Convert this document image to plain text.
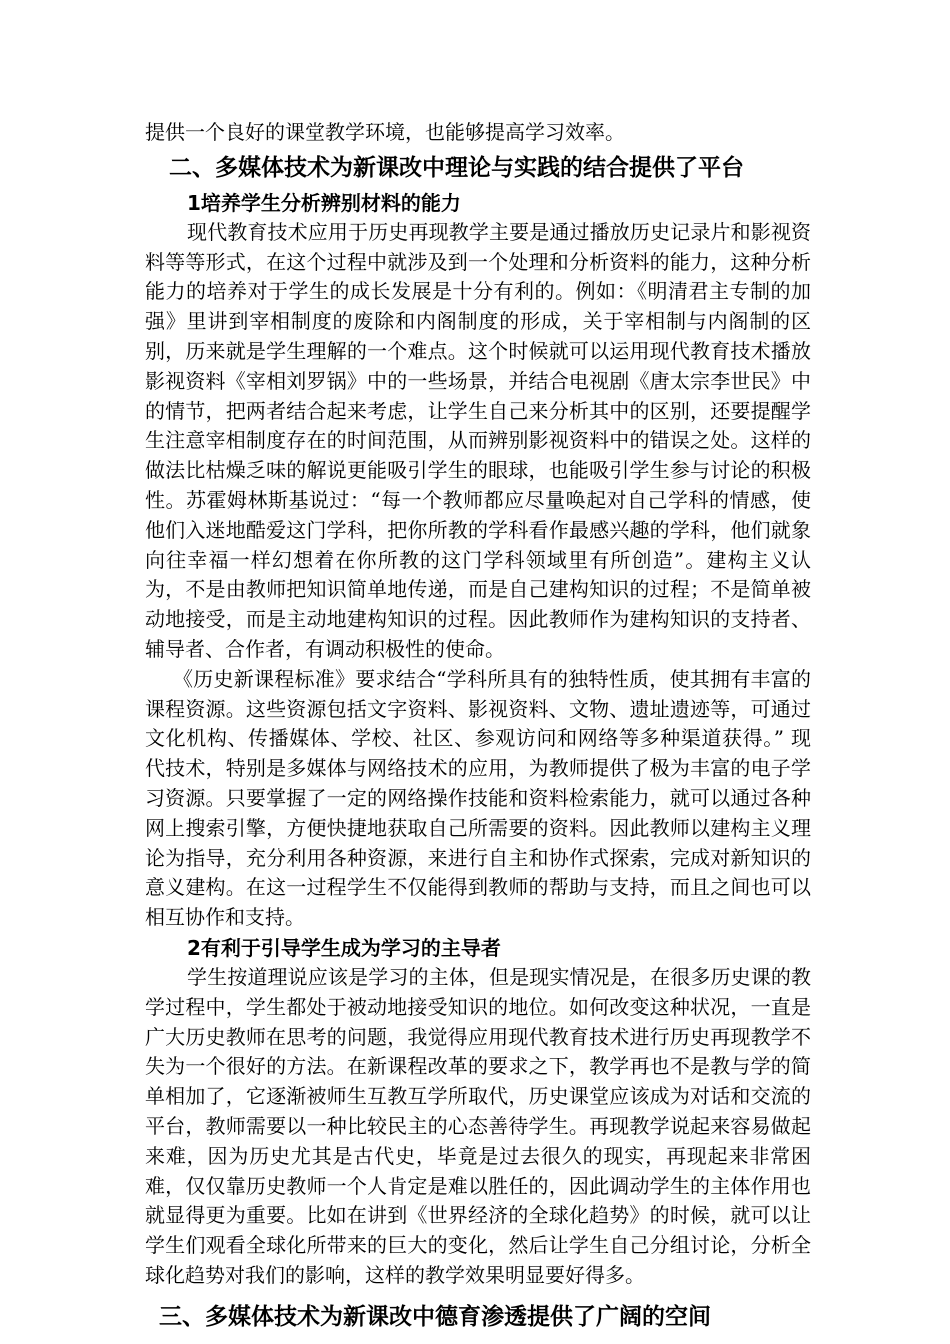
提供一个良好的课堂教学环境，也能够提高学习效率。

二、多媒体技术为新课改中理论与实践的结合提供了平台
1培养学生分析辨别材料的能力

现代教育技术应用于历史再现教学主要是通过播放历史记录片和影视资料等等形式，在这个过程中就涉及到一个处理和分析资料的能力，这种分析能力的培养对于学生的成长发展是十分有利的。例如：《明清君主专制的加强》里讲到宰相制度的废除和内阁制度的形成，关于宰相制与内阁制的区别，历来就是学生理解的一个难点。这个时候就可以运用现代教育技术播放影视资料《宰相刘罗锅》中的一些场景，并结合电视剧《唐太宗李世民》中的情节，把两者结合起来考虑，让学生自己来分析其中的区别，还要提醒学生注意宰相制度存在的时间范围，从而辨别影视资料中的错误之处。这样的做法比枯燥乏味的解说更能吸引学生的眼球，也能吸引学生参与讨论的积极性。苏霍姆林斯基说过：“每一个教师都应尽量唤起对自己学科的情感，使他们入迷地酷爱这门学科，把你所教的学科看作最感兴趣的学科，他们就象向往幸福一样幻想着在你所教的这门学科领域里有所创造”。建构主义认为，不是由教师把知识简单地传递，而是自己建构知识的过程；不是简单被动地接受，而是主动地建构知识的过程。因此教师作为建构知识的支持者、辅导者、合作者，有调动积极性的使命。

《历史新课程标准》要求结合“学科所具有的独特性质，使其拥有丰富的课程资源。这些资源包括文字资料、影视资料、文物、遗址遗迹等，可通过文化机构、传播媒体、学校、社区、参观访问和网络等多种渠道获得。” 现代技术，特别是多媒体与网络技术的应用，为教师提供了极为丰富的电子学习资源。只要掌握了一定的网络操作技能和资料检索能力，就可以通过各种网上搜索引擎，方便快捷地获取自己所需要的资料。因此教师以建构主义理论为指导，充分利用各种资源，来进行自主和协作式探索，完成对新知识的意义建构。在这一过程学生不仅能得到教师的帮助与支持，而且之间也可以相互协作和支持。

2有利于引导学生成为学习的主导者

学生按道理说应该是学习的主体，但是现实情况是，在很多历史课的教学过程中，学生都处于被动地接受知识的地位。如何改变这种状况，一直是广大历史教师在思考的问题，我觉得应用现代教育技术进行历史再现教学不失为一个很好的方法。在新课程改革的要求之下，教学再也不是教与学的简单相加了，它逐渐被师生互教互学所取代，历史课堂应该成为对话和交流的平台，教师需要以一种比较民主的心态善待学生。再现教学说起来容易做起来难，因为历史尤其是古代史，毕竟是过去很久的现实，再现起来非常困难，仅仅靠历史教师一个人肯定是难以胜任的，因此调动学生的主体作用也就显得更为重要。比如在讲到《世界经济的全球化趋势》的时候，就可以让学生们观看全球化所带来的巨大的变化，然后让学生自己分组讨论，分析全球化趋势对我们的影响，这样的教学效果明显要好得多。

三、多媒体技术为新课改中德育渗透提供了广阔的空间
